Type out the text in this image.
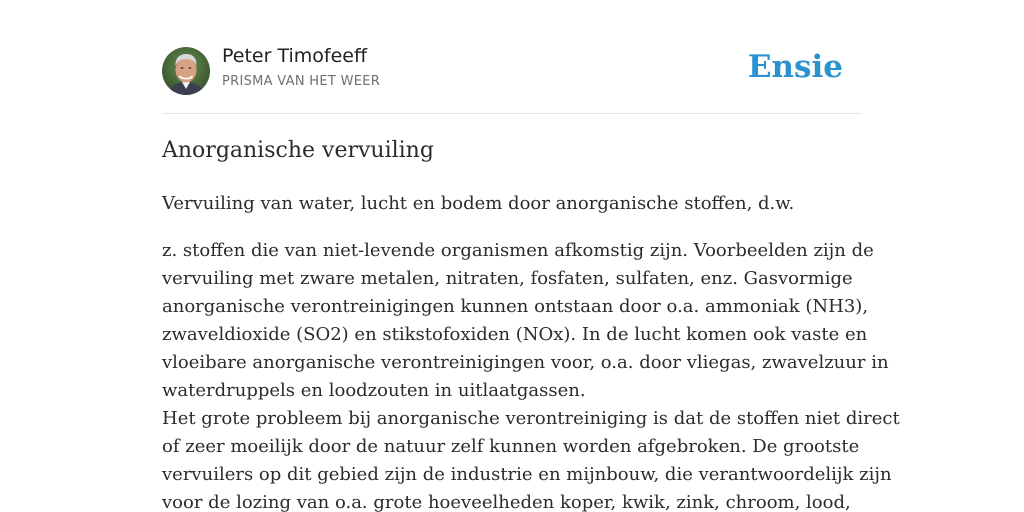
Peter Timofeeff
PRISMA VAN HET WEER	Ensie
Anorganische vervuiling

Vervuiling van water, lucht en bodem door anorganische stoffen, d.w.

z. stoffen die van niet-levende organismen afkomstig zijn. Voorbeelden zijn de
vervuiling met zware metalen, nitraten, fosfaten, sulfaten, enz. Gasvormige
anorganische verontreinigingen kunnen ontstaan door o.a. ammoniak (NH3),
zwaveldioxide (SO2) en stikstofoxiden (NOx). In de lucht komen ook vaste en
vloeibare anorganische verontreinigingen voor, o.a. door vliegas, zwavelzuur in
waterdruppels en loodzouten in uitlaatgassen.
Het grote probleem bij anorganische verontreiniging is dat de stoffen niet direct
of zeer moeilijk door de natuur zelf kunnen worden afgebroken. De grootste
vervuilers op dit gebied zijn de industrie en mijnbouw, die verantwoordelijk zijn
voor de lozing van o.a. grote hoeveelheden koper, kwik, zink, chroom, lood,
